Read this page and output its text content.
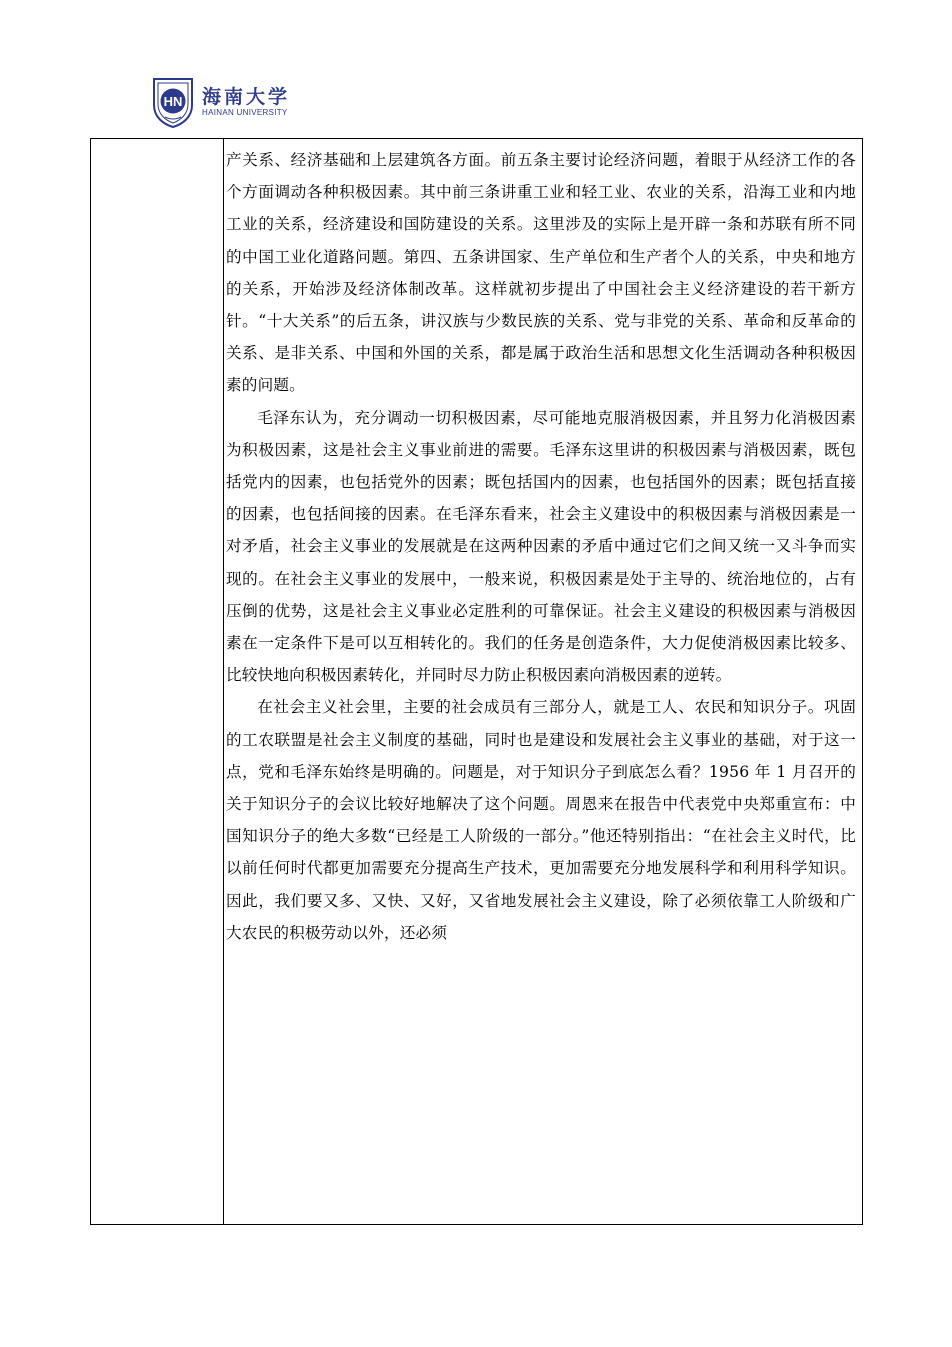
HN 海南大学
HAINAN UNIVERSITY

产关系、经济基础和上层建筑各方面。前五条主要讨论经济问题，着眼于从经济工作的各个方面调动各种积极因素。其中前三条讲重工业和轻工业、农业的关系，沿海工业和内地工业的关系，经济建设和国防建设的关系。这里涉及的实际上是开辟一条和苏联有所不同的中国工业化道路问题。第四、五条讲国家、生产单位和生产者个人的关系，中央和地方的关系，开始涉及经济体制改革。这样就初步提出了中国社会主义经济建设的若干新方针。“十大关系”的后五条，讲汉族与少数民族的关系、党与非党的关系、革命和反革命的关系、是非关系、中国和外国的关系，都是属于政治生活和思想文化生活调动各种积极因素的问题。

毛泽东认为，充分调动一切积极因素，尽可能地克服消极因素，并且努力化消极因素为积极因素，这是社会主义事业前进的需要。毛泽东这里讲的积极因素与消极因素，既包括党内的因素，也包括党外的因素；既包括国内的因素，也包括国外的因素；既包括直接的因素，也包括间接的因素。在毛泽东看来，社会主义建设中的积极因素与消极因素是一对矛盾，社会主义事业的发展就是在这两种因素的矛盾中通过它们之间又统一又斗争而实现的。在社会主义事业的发展中，一般来说，积极因素是处于主导的、统治地位的，占有压倒的优势，这是社会主义事业必定胜利的可靠保证。社会主义建设的积极因素与消极因素在一定条件下是可以互相转化的。我们的任务是创造条件，大力促使消极因素比较多、比较快地向积极因素转化，并同时尽力防止积极因素向消极因素的逆转。

在社会主义社会里，主要的社会成员有三部分人，就是工人、农民和知识分子。巩固的工农联盟是社会主义制度的基础，同时也是建设和发展社会主义事业的基础，对于这一点，党和毛泽东始终是明确的。问题是，对于知识分子到底怎么看？1956 年 1 月召开的关于知识分子的会议比较好地解决了这个问题。周恩来在报告中代表党中央郑重宣布：中国知识分子的绝大多数“已经是工人阶级的一部分。”他还特别指出：“在社会主义时代，比以前任何时代都更加需要充分提高生产技术，更加需要充分地发展科学和利用科学知识。因此，我们要又多、又快、又好，又省地发展社会主义建设，除了必须依靠工人阶级和广大农民的积极劳动以外，还必须
